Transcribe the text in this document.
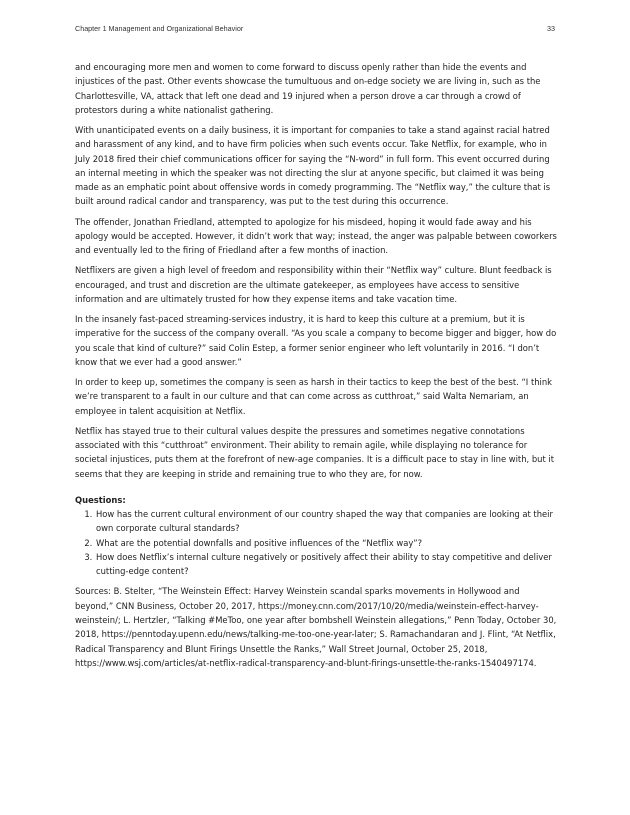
Chapter 1 Management and Organizational Behavior	33

and encouraging more men and women to come forward to discuss openly rather than hide the events and injustices of the past. Other events showcase the tumultuous and on-edge society we are living in, such as the Charlottesville, VA, attack that left one dead and 19 injured when a person drove a car through a crowd of protestors during a white nationalist gathering.

With unanticipated events on a daily business, it is important for companies to take a stand against racial hatred and harassment of any kind, and to have firm policies when such events occur. Take Netflix, for example, who in July 2018 fired their chief communications officer for saying the “N-word” in full form. This event occurred during an internal meeting in which the speaker was not directing the slur at anyone specific, but claimed it was being made as an emphatic point about offensive words in comedy programming. The “Netflix way,” the culture that is built around radical candor and transparency, was put to the test during this occurrence.

The offender, Jonathan Friedland, attempted to apologize for his misdeed, hoping it would fade away and his apology would be accepted. However, it didn’t work that way; instead, the anger was palpable between coworkers and eventually led to the firing of Friedland after a few months of inaction.

Netflixers are given a high level of freedom and responsibility within their “Netflix way” culture. Blunt feedback is encouraged, and trust and discretion are the ultimate gatekeeper, as employees have access to sensitive information and are ultimately trusted for how they expense items and take vacation time.

In the insanely fast-paced streaming-services industry, it is hard to keep this culture at a premium, but it is imperative for the success of the company overall. “As you scale a company to become bigger and bigger, how do you scale that kind of culture?” said Colin Estep, a former senior engineer who left voluntarily in 2016. “I don’t know that we ever had a good answer.”

In order to keep up, sometimes the company is seen as harsh in their tactics to keep the best of the best. “I think we’re transparent to a fault in our culture and that can come across as cutthroat,” said Walta Nemariam, an employee in talent acquisition at Netflix.

Netflix has stayed true to their cultural values despite the pressures and sometimes negative connotations associated with this “cutthroat” environment. Their ability to remain agile, while displaying no tolerance for societal injustices, puts them at the forefront of new-age companies. It is a difficult pace to stay in line with, but it seems that they are keeping in stride and remaining true to who they are, for now.

Questions:
1. How has the current cultural environment of our country shaped the way that companies are looking at their own corporate cultural standards?
2. What are the potential downfalls and positive influences of the “Netflix way”?
3. How does Netflix’s internal culture negatively or positively affect their ability to stay competitive and deliver cutting-edge content?

Sources: B. Stelter, “The Weinstein Effect: Harvey Weinstein scandal sparks movements in Hollywood and beyond,” CNN Business, October 20, 2017, https://money.cnn.com/2017/10/20/media/weinstein-effect-harvey-weinstein/; L. Hertzler, “Talking #MeToo, one year after bombshell Weinstein allegations,” Penn Today, October 30, 2018, https://penntoday.upenn.edu/news/talking-me-too-one-year-later; S. Ramachandaran and J. Flint, “At Netflix, Radical Transparency and Blunt Firings Unsettle the Ranks,” Wall Street Journal, October 25, 2018, https://www.wsj.com/articles/at-netflix-radical-transparency-and-blunt-firings-unsettle-the-ranks-1540497174.
